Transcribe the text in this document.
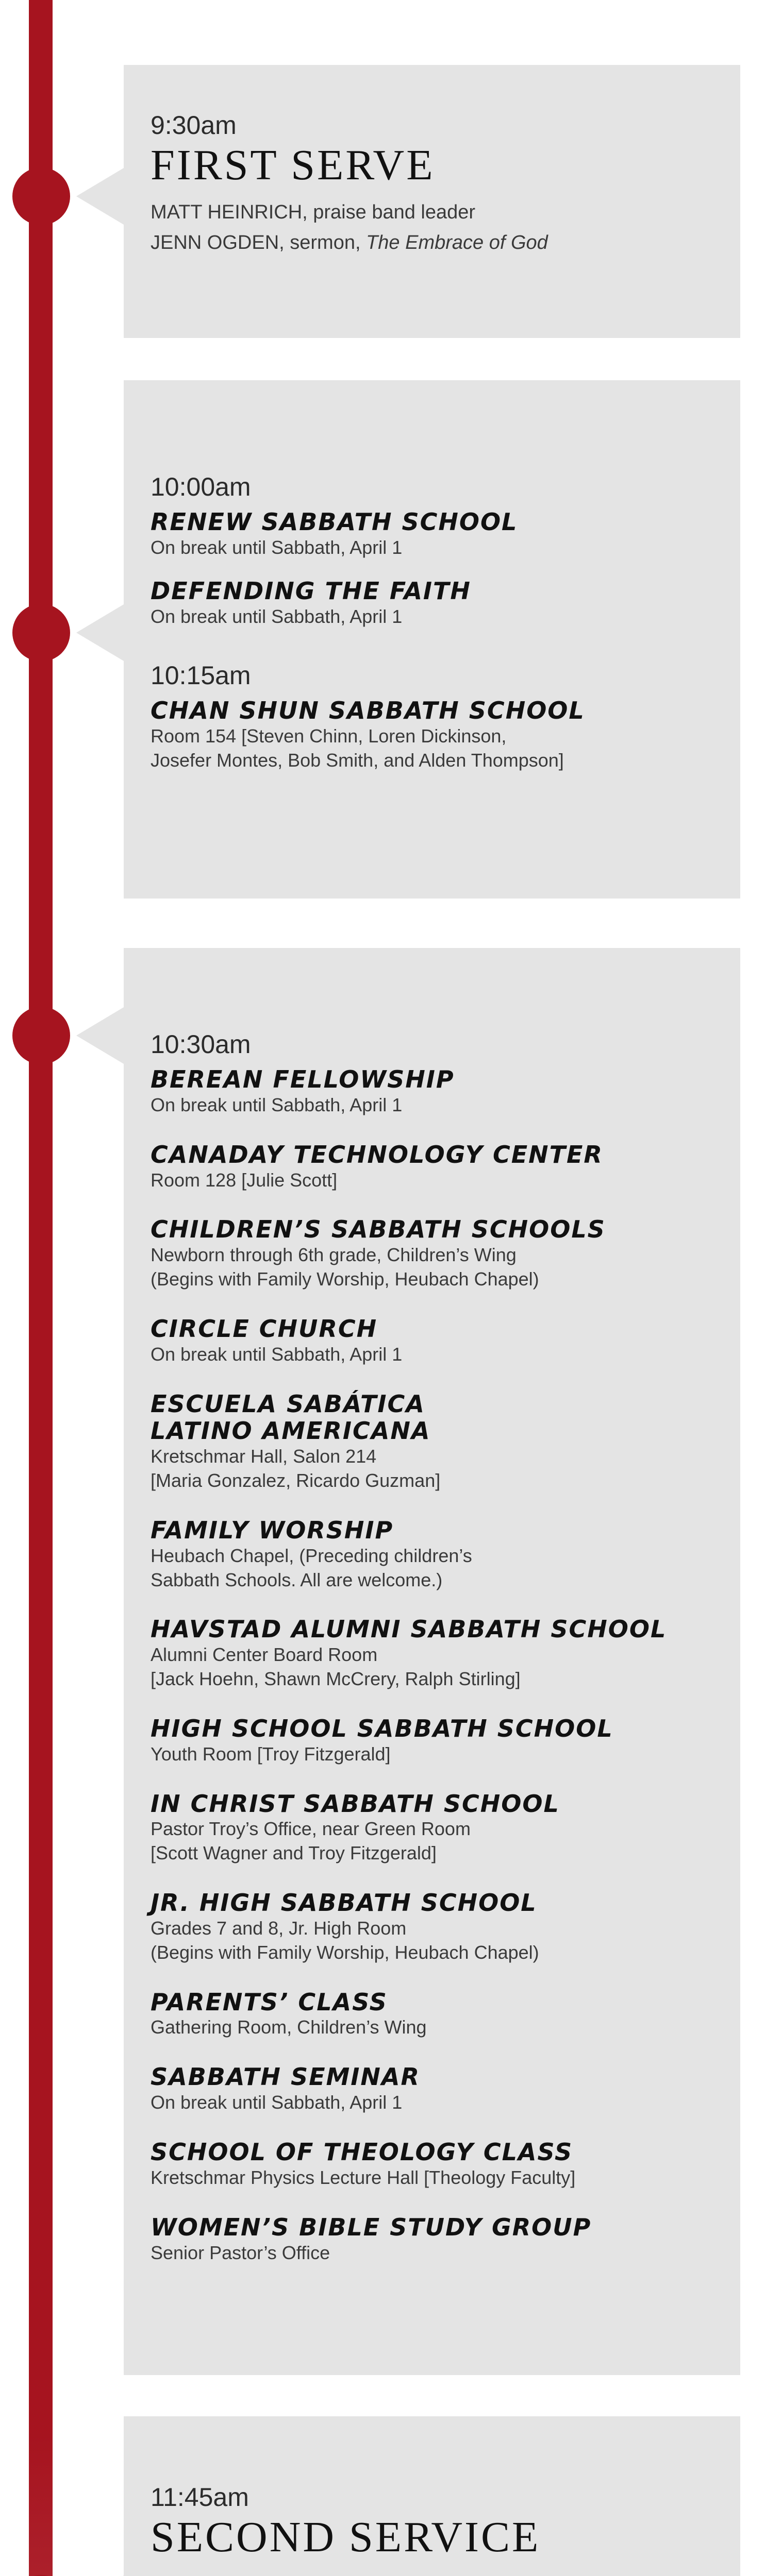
9:30am
FIRST SERVE
MATT HEINRICH, praise band leader
JENN OGDEN, sermon, The Embrace of God
10:00am
RENEW SABBATH SCHOOL
On break until Sabbath, April 1
DEFENDING THE FAITH
On break until Sabbath, April 1
10:15am
CHAN SHUN SABBATH SCHOOL
Room 154 [Steven Chinn, Loren Dickinson,
Josefer Montes, Bob Smith, and Alden Thompson]
10:30am
BEREAN FELLOWSHIP
On break until Sabbath, April 1
CANADAY TECHNOLOGY CENTER
Room 128 [Julie Scott]
CHILDREN’S SABBATH SCHOOLS
Newborn through 6th grade, Children’s Wing
(Begins with Family Worship, Heubach Chapel)
CIRCLE CHURCH
On break until Sabbath, April 1
ESCUELA SABÁTICA
LATINO AMERICANA
Kretschmar Hall, Salon 214
[Maria Gonzalez, Ricardo Guzman]
FAMILY WORSHIP
Heubach Chapel, (Preceding children’s
Sabbath Schools. All are welcome.)
HAVSTAD ALUMNI SABBATH SCHOOL
Alumni Center Board Room
[Jack Hoehn, Shawn McCrery, Ralph Stirling]
HIGH SCHOOL SABBATH SCHOOL
Youth Room [Troy Fitzgerald]
IN CHRIST SABBATH SCHOOL
Pastor Troy’s Office, near Green Room
[Scott Wagner and Troy Fitzgerald]
JR. HIGH SABBATH SCHOOL
Grades 7 and 8, Jr. High Room
(Begins with Family Worship, Heubach Chapel)
PARENTS’ CLASS
Gathering Room, Children’s Wing
SABBATH SEMINAR
On break until Sabbath, April 1
SCHOOL OF THEOLOGY CLASS
Kretschmar Physics Lecture Hall [Theology Faculty]
WOMEN’S BIBLE STUDY GROUP
Senior Pastor’s Office
11:45am
SECOND SERVICE
